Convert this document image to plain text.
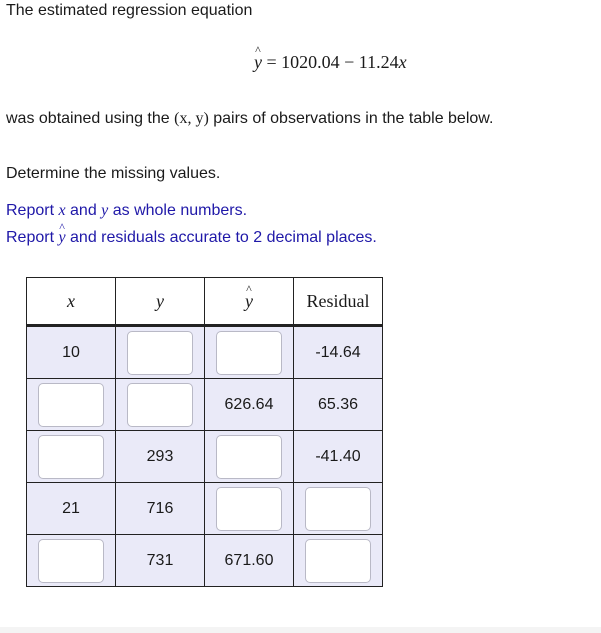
The estimated regression equation
^ y = 1020.04 − 11.24x
was obtained using the (x, y) pairs of observations in the table below.
Determine the missing values.
Report x and y as whole numbers.
Report ^ y and residuals accurate to 2 decimal places.
x	y	^ y	Residual
10			-14.64
		626.64	65.36
	293		-41.40
21	716		
	731	671.60	
